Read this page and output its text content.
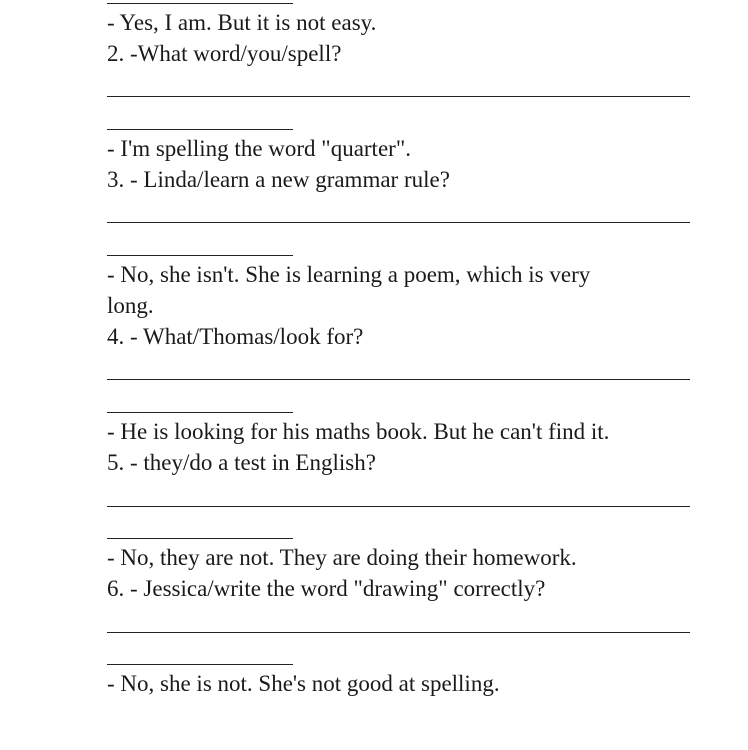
- Yes, I am. But it is not easy.
2. -What word/you/spell?
- I'm spelling the word "quarter".
3. - Linda/learn a new grammar rule?
- No, she isn't. She is learning a poem, which is very
long.
4. - What/Thomas/look for?
- He is looking for his maths book. But he can't find it.
5. - they/do a test in English?
- No, they are not. They are doing their homework.
6. - Jessica/write the word "drawing" correctly?
- No, she is not. She's not good at spelling.
